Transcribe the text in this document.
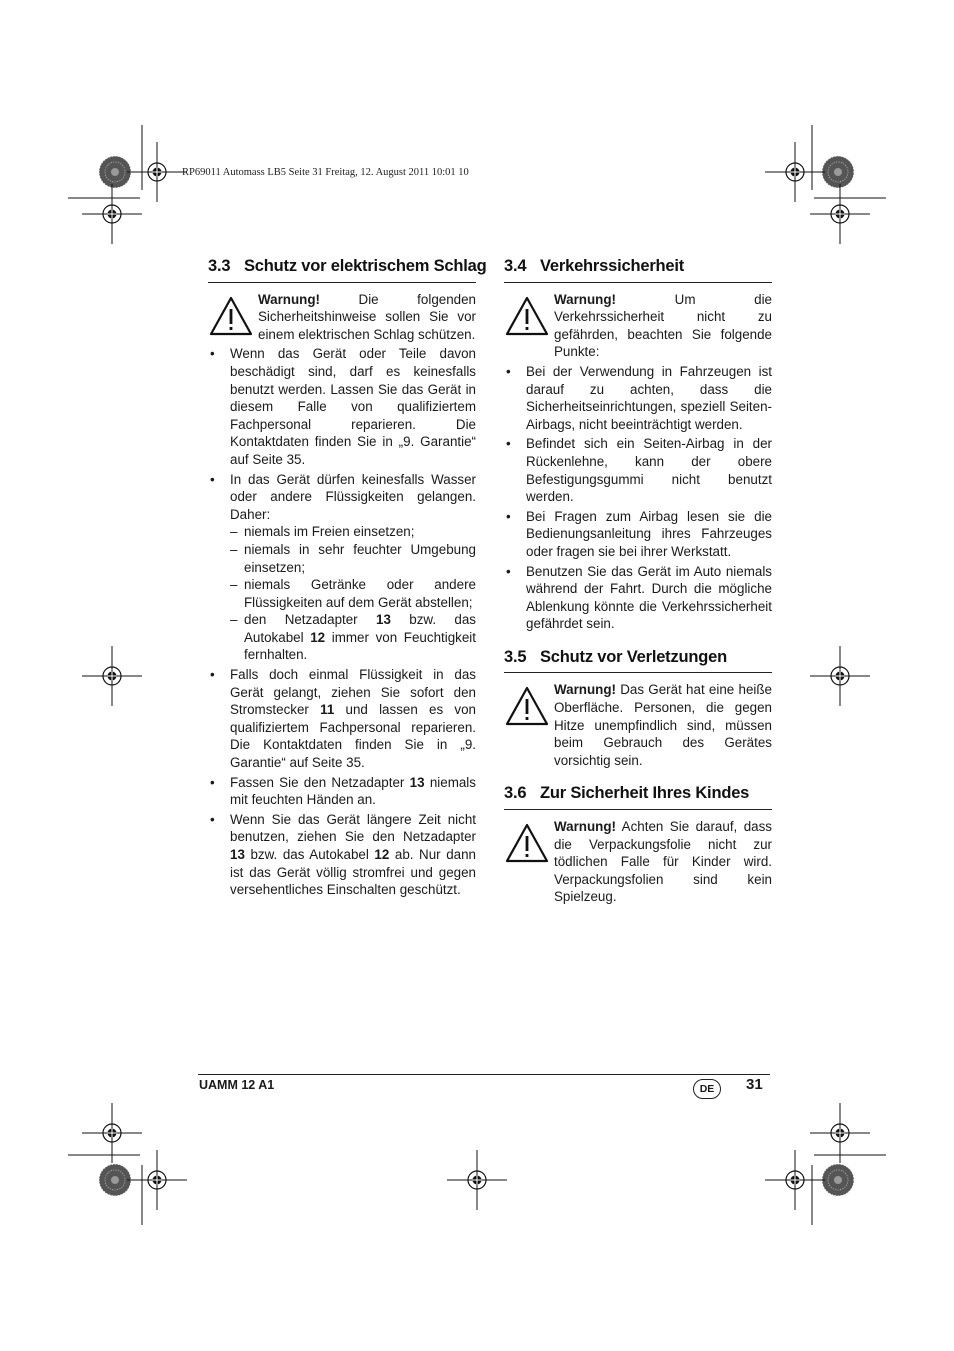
RP69011 Automass LB5 Seite 31 Freitag, 12. August 2011 10:01 10
3.3 Schutz vor elektrischem Schlag
Warnung! Die folgenden Sicherheitshinweise sollen Sie vor einem elektrischen Schlag schützen.
• Wenn das Gerät oder Teile davon beschädigt sind, darf es keinesfalls benutzt werden. Lassen Sie das Gerät in diesem Falle von qualifiziertem Fachpersonal reparieren. Die Kontaktdaten finden Sie in „9. Garantie“ auf Seite 35.
• In das Gerät dürfen keinesfalls Wasser oder andere Flüssigkeiten gelangen. Daher:
– niemals im Freien einsetzen;
– niemals in sehr feuchter Umgebung einsetzen;
– niemals Getränke oder andere Flüssigkeiten auf dem Gerät abstellen;
– den Netzadapter 13 bzw. das Autokabel 12 immer von Feuchtigkeit fernhalten.
• Falls doch einmal Flüssigkeit in das Gerät gelangt, ziehen Sie sofort den Stromstecker 11 und lassen es von qualifiziertem Fachpersonal reparieren. Die Kontaktdaten finden Sie in „9. Garantie“ auf Seite 35.
• Fassen Sie den Netzadapter 13 niemals mit feuchten Händen an.
• Wenn Sie das Gerät längere Zeit nicht benutzen, ziehen Sie den Netzadapter 13 bzw. das Autokabel 12 ab. Nur dann ist das Gerät völlig stromfrei und gegen versehentliches Einschalten geschützt.
3.4 Verkehrssicherheit
Warnung! Um die Verkehrssicherheit nicht zu gefährden, beachten Sie folgende Punkte:
• Bei der Verwendung in Fahrzeugen ist darauf zu achten, dass die Sicherheitseinrichtungen, speziell Seiten-Airbags, nicht beeinträchtigt werden.
• Befindet sich ein Seiten-Airbag in der Rückenlehne, kann der obere Befestigungsgummi nicht benutzt werden.
• Bei Fragen zum Airbag lesen sie die Bedienungsanleitung ihres Fahrzeuges oder fragen sie bei ihrer Werkstatt.
• Benutzen Sie das Gerät im Auto niemals während der Fahrt. Durch die mögliche Ablenkung könnte die Verkehrssicherheit gefährdet sein.
3.5 Schutz vor Verletzungen
Warnung! Das Gerät hat eine heiße Oberfläche. Personen, die gegen Hitze unempfindlich sind, müssen beim Gebrauch des Gerätes vorsichtig sein.
3.6 Zur Sicherheit Ihres Kindes
Warnung! Achten Sie darauf, dass die Verpackungsfolie nicht zur tödlichen Falle für Kinder wird. Verpackungsfolien sind kein Spielzeug.
UAMM 12 A1	DE	31
